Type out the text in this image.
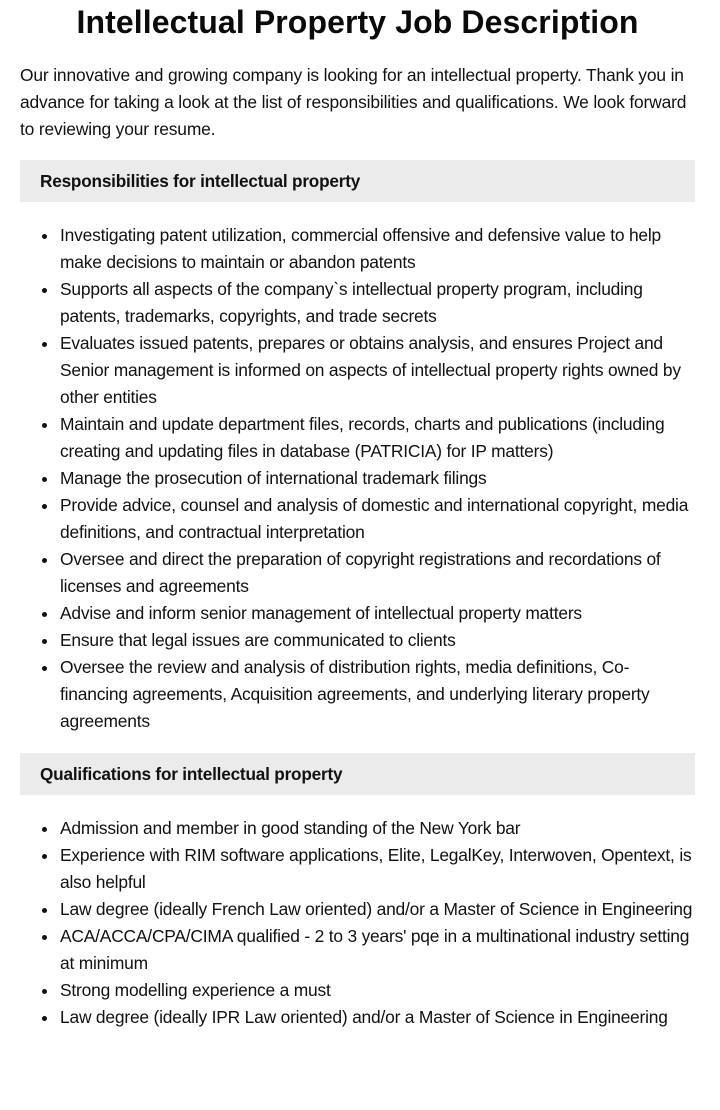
Intellectual Property Job Description

Our innovative and growing company is looking for an intellectual property. Thank you in advance for taking a look at the list of responsibilities and qualifications. We look forward to reviewing your resume.

Responsibilities for intellectual property
Investigating patent utilization, commercial offensive and defensive value to help make decisions to maintain or abandon patents
Supports all aspects of the company`s intellectual property program, including patents, trademarks, copyrights, and trade secrets
Evaluates issued patents, prepares or obtains analysis, and ensures Project and Senior management is informed on aspects of intellectual property rights owned by other entities
Maintain and update department files, records, charts and publications (including creating and updating files in database (PATRICIA) for IP matters)
Manage the prosecution of international trademark filings
Provide advice, counsel and analysis of domestic and international copyright, media definitions, and contractual interpretation
Oversee and direct the preparation of copyright registrations and recordations of licenses and agreements
Advise and inform senior management of intellectual property matters
Ensure that legal issues are communicated to clients
Oversee the review and analysis of distribution rights, media definitions, Co-financing agreements, Acquisition agreements, and underlying literary property agreements
Qualifications for intellectual property
Admission and member in good standing of the New York bar
Experience with RIM software applications, Elite, LegalKey, Interwoven, Opentext, is also helpful
Law degree (ideally French Law oriented) and/or a Master of Science in Engineering
ACA/ACCA/CPA/CIMA qualified - 2 to 3 years' pqe in a multinational industry setting at minimum
Strong modelling experience a must
Law degree (ideally IPR Law oriented) and/or a Master of Science in Engineering
